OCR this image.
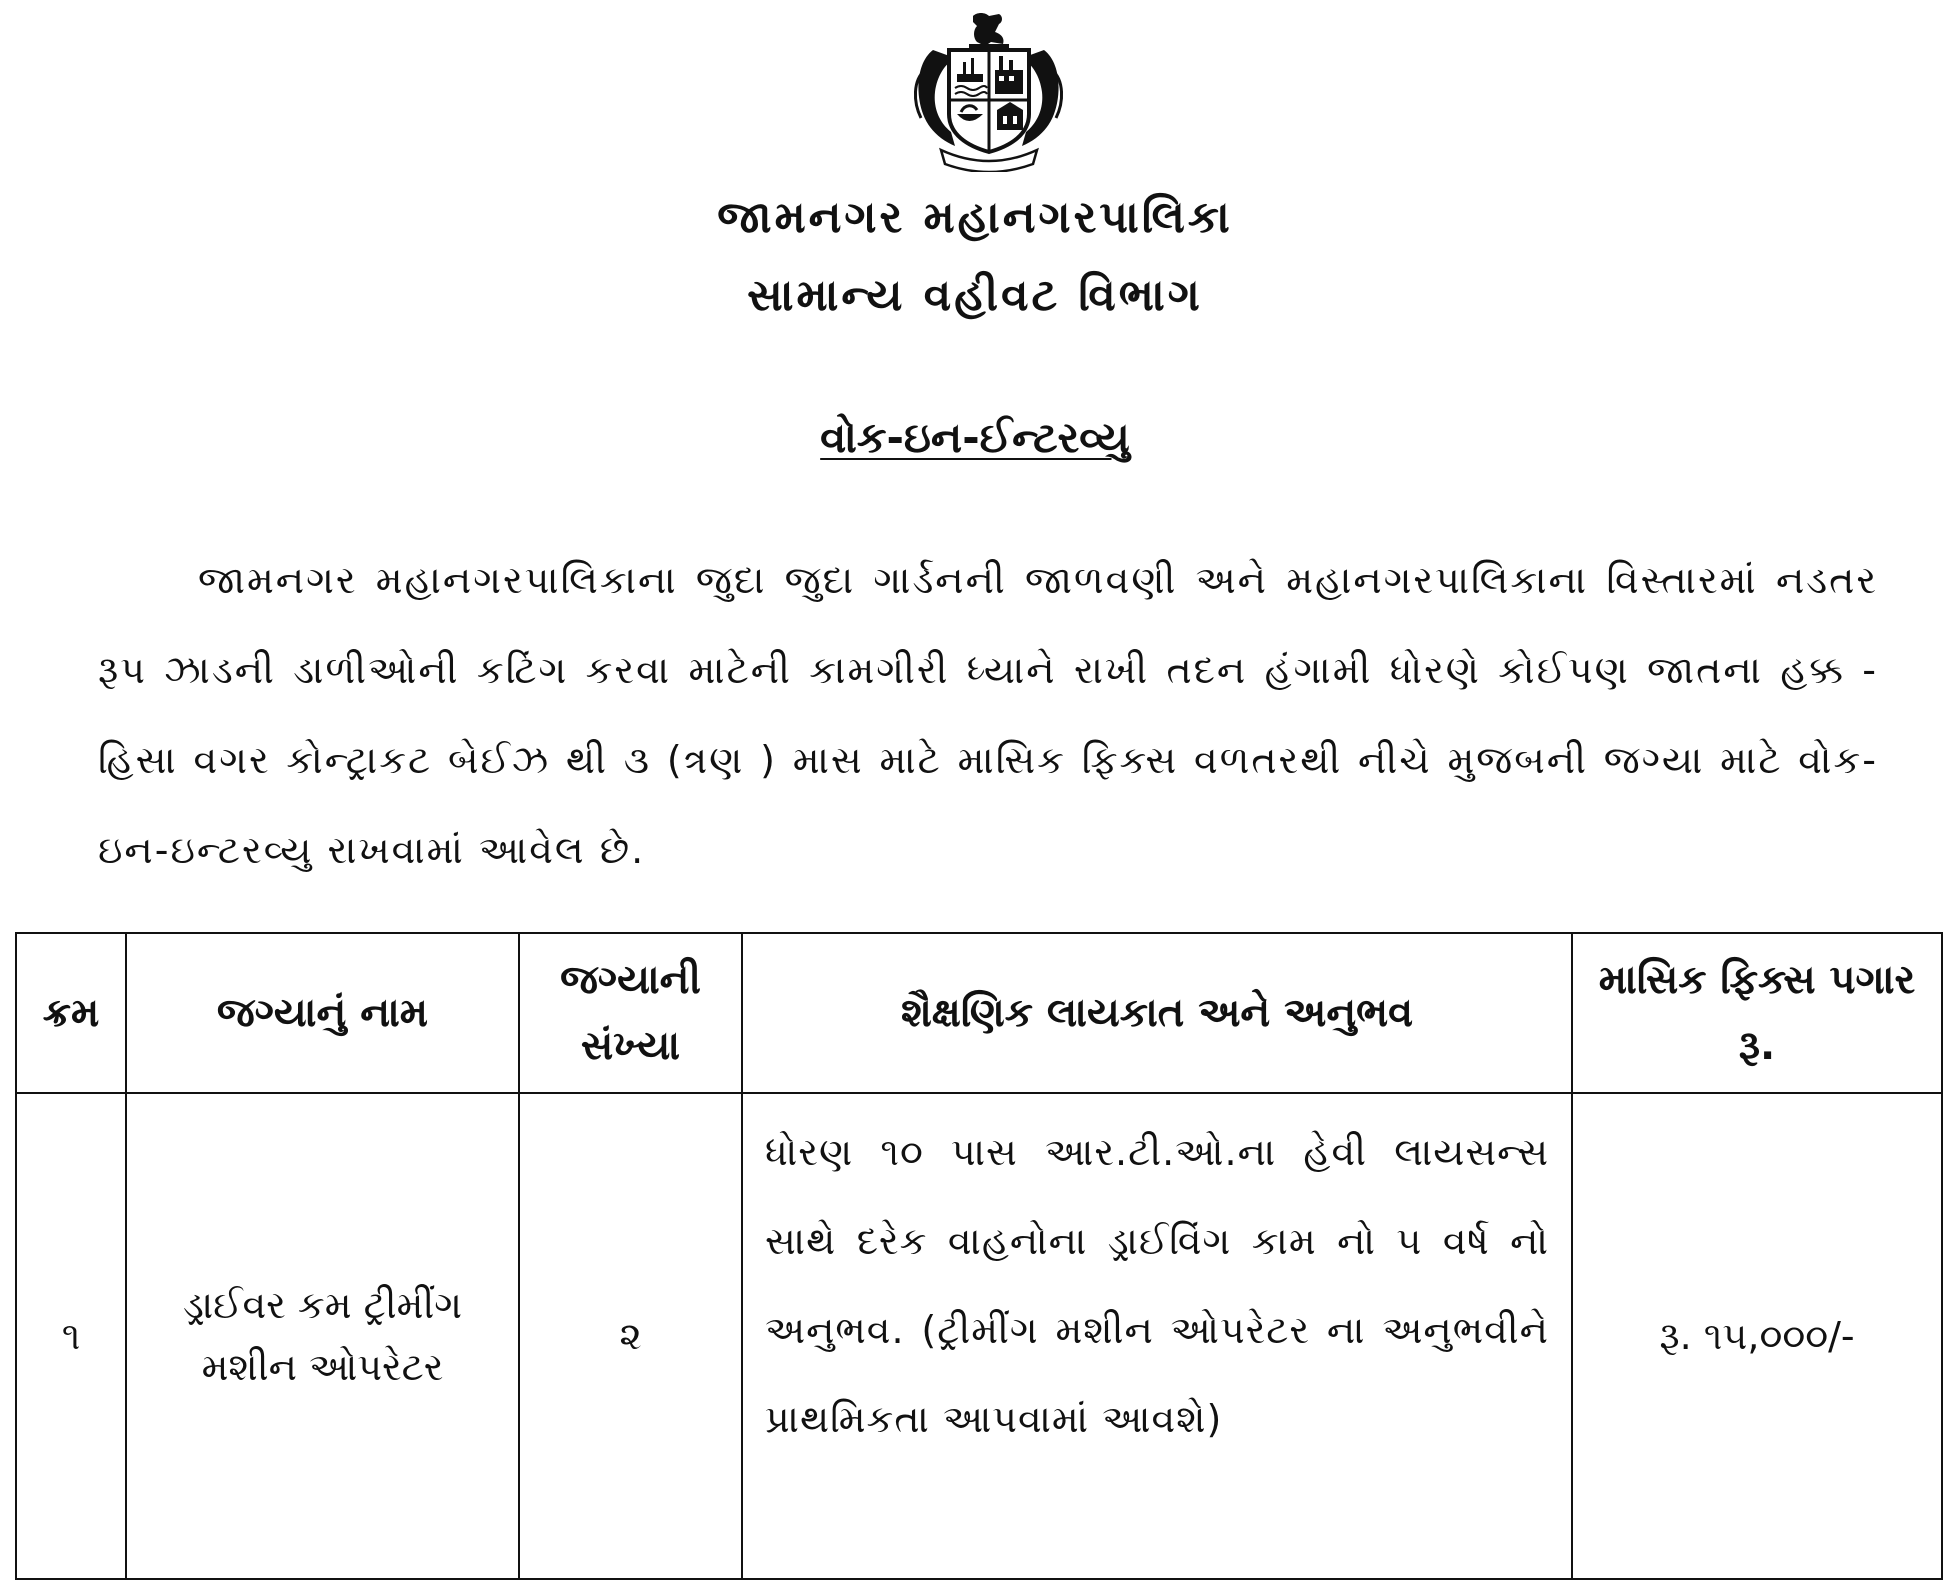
જામનગર મહાનગરપાલિકા
સામાન્ય વહીવટ વિભાગ
વોક-ઇન-ઈન્ટરવ્યુ

જામનગર મહાનગરપાલિકાના જુદા જુદા ગાર્ડનની જાળવણી અને મહાનગરપાલિકાના વિસ્તારમાં નડતર રૂપ ઝાડની ડાળીઓની કટિંગ કરવા માટેની કામગીરી ધ્યાને રાખી તદન હંગામી ધોરણે કોઈપણ જાતના હક્ક - હિસા વગર કોન્ટ્રાકટ બેઈઝ થી ૩ (ત્રણ ) માસ માટે માસિક ફિક્સ વળતરથી નીચે મુજબની જગ્યા માટે વોક-ઇન-ઇન્ટરવ્યુ રાખવામાં આવેલ છે.

ક્રમ	જગ્યાનું નામ	જગ્યાની સંખ્યા	શૈક્ષણિક લાયકાત અને અનુભવ	માસિક ફિક્સ પગાર રૂ.
૧	ડ્રાઈવર કમ ટ્રીમીંગ મશીન ઓપરેટર	૨	ધોરણ ૧૦ પાસ આર.ટી.ઓ.ના હેવી લાયસન્સ સાથે દરેક વાહનોના ડ્રાઈવિંગ કામ નો ૫ વર્ષ નો અનુભવ. (ટ્રીમીંગ મશીન ઓપરેટર ના અનુભવીને પ્રાથમિકતા આપવામાં આવશે)	રૂ. ૧૫,૦૦૦/-
